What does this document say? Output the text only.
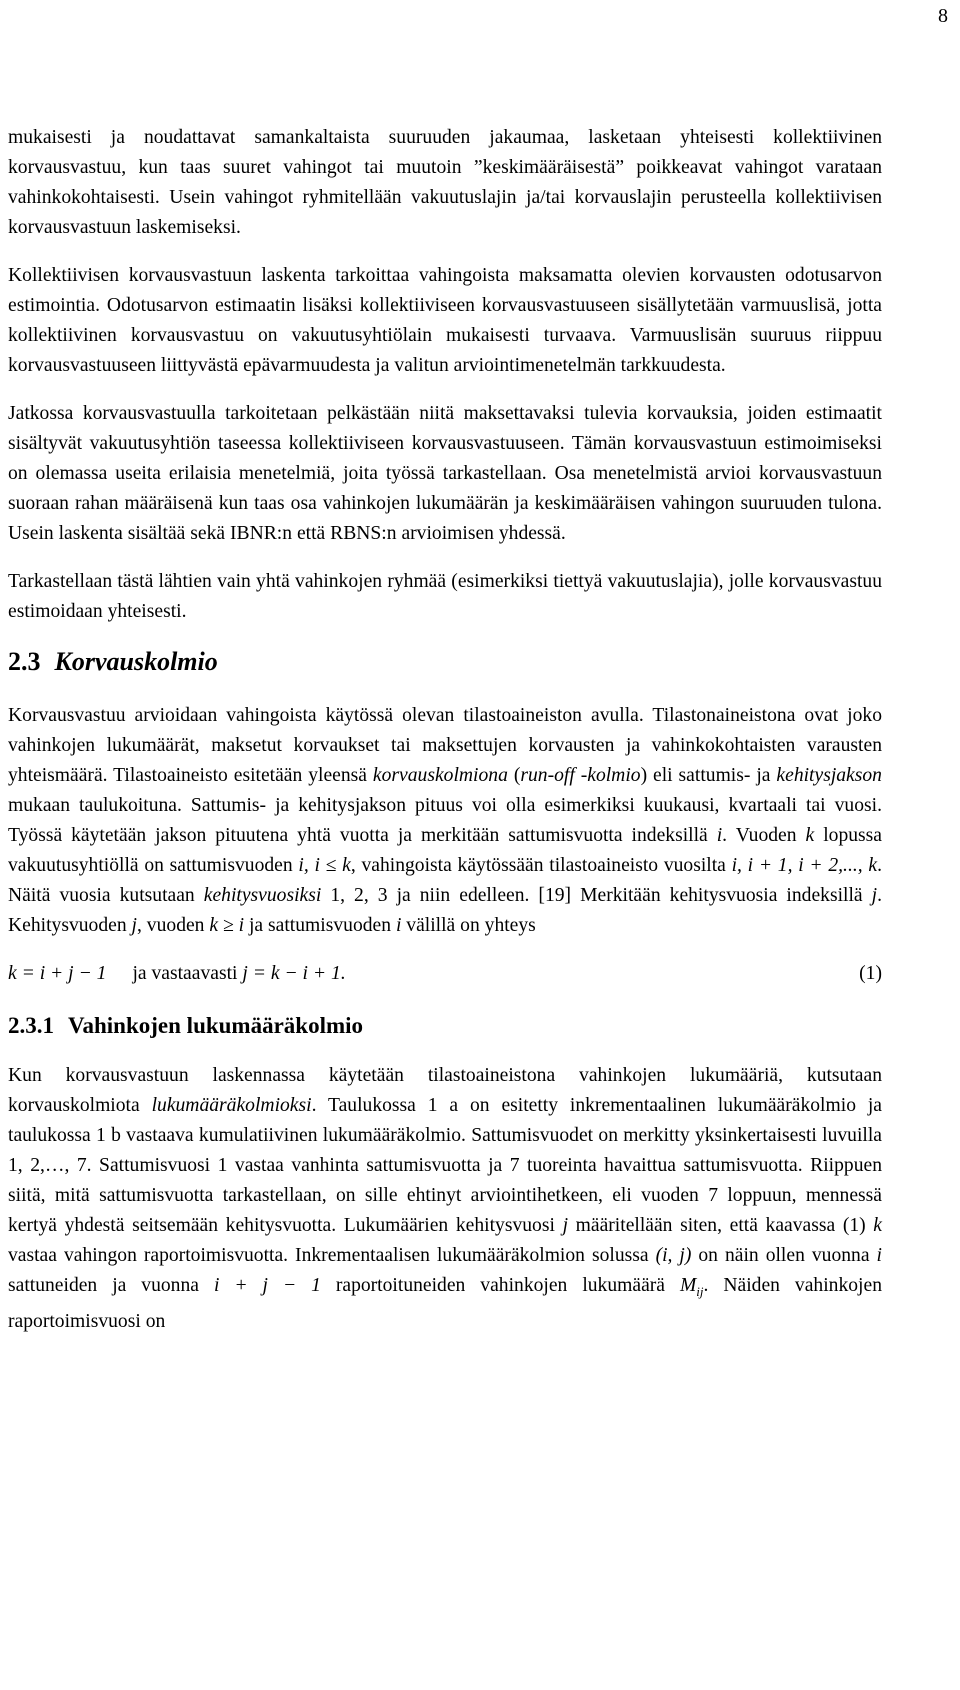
8

mukaisesti ja noudattavat samankaltaista suuruuden jakaumaa, lasketaan yhteisesti kollektiivinen korvausvastuu, kun taas suuret vahingot tai muutoin ”keskimääräisestä” poikkeavat vahingot varataan vahinkokohtaisesti. Usein vahingot ryhmitellään vakuutuslajin ja/tai korvauslajin perusteella kollektiivisen korvausvastuun laskemiseksi.

Kollektiivisen korvausvastuun laskenta tarkoittaa vahingoista maksamatta olevien korvausten odotusarvon estimointia. Odotusarvon estimaatin lisäksi kollektiiviseen korvausvastuuseen sisällytetään varmuuslisä, jotta kollektiivinen korvausvastuu on vakuutusyhtiölain mukaisesti turvaava. Varmuuslisän suuruus riippuu korvausvastuuseen liittyvästä epävarmuudesta ja valitun arviointimenetelmän tarkkuudesta.

Jatkossa korvausvastuulla tarkoitetaan pelkästään niitä maksettavaksi tulevia korvauksia, joiden estimaatit sisältyvät vakuutusyhtiön taseessa kollektiiviseen korvausvastuuseen. Tämän korvausvastuun estimoimiseksi on olemassa useita erilaisia menetelmiä, joita työssä tarkastellaan. Osa menetelmistä arvioi korvausvastuun suoraan rahan määräisenä kun taas osa vahinkojen lukumäärän ja keskimääräisen vahingon suuruuden tulona. Usein laskenta sisältää sekä IBNR:n että RBNS:n arvioimisen yhdessä.

Tarkastellaan tästä lähtien vain yhtä vahinkojen ryhmää (esimerkiksi tiettyä vakuutuslajia), jolle korvausvastuu estimoidaan yhteisesti.

2.3 Korvauskolmio

Korvausvastuu arvioidaan vahingoista käytössä olevan tilastoaineiston avulla. Tilastonaineistona ovat joko vahinkojen lukumäärät, maksetut korvaukset tai maksettujen korvausten ja vahinkokohtaisten varausten yhteismäärä. Tilastoaineisto esitetään yleensä korvauskolmiona (run-off -kolmio) eli sattumis- ja kehitysjakson mukaan taulukoituna. Sattumis- ja kehitysjakson pituus voi olla esimerkiksi kuukausi, kvartaali tai vuosi. Työssä käytetään jakson pituutena yhtä vuotta ja merkitään sattumisvuotta indeksillä i. Vuoden k lopussa vakuutusyhtiöllä on sattumisvuoden i, i ≤ k, vahingoista käytössään tilastoaineisto vuosilta i, i + 1, i + 2,..., k. Näitä vuosia kutsutaan kehitysvuosiksi 1, 2, 3 ja niin edelleen. [19] Merkitään kehitysvuosia indeksillä j. Kehitysvuoden j, vuoden k ≥ i ja sattumisvuoden i välillä on yhteys

k = i + j − 1 ja vastaavasti j = k − i + 1.	(1)
2.3.1 Vahinkojen lukumääräkolmio

Kun korvausvastuun laskennassa käytetään tilastoaineistona vahinkojen lukumääriä, kutsutaan korvauskolmiota lukumääräkolmioksi. Taulukossa 1 a on esitetty inkrementaalinen lukumääräkolmio ja taulukossa 1 b vastaava kumulatiivinen lukumääräkolmio. Sattumisvuodet on merkitty yksinkertaisesti luvuilla 1, 2,…, 7. Sattumisvuosi 1 vastaa vanhinta sattumisvuotta ja 7 tuoreinta havaittua sattumisvuotta. Riippuen siitä, mitä sattumisvuotta tarkastellaan, on sille ehtinyt arviointihetkeen, eli vuoden 7 loppuun, mennessä kertyä yhdestä seitsemään kehitysvuotta. Lukumäärien kehitysvuosi j määritellään siten, että kaavassa (1) k vastaa vahingon raportoimisvuotta. Inkrementaalisen lukumääräkolmion solussa (i, j) on näin ollen vuonna i sattuneiden ja vuonna i + j − 1 raportoituneiden vahinkojen lukumäärä $M_{ij}$. Näiden vahinkojen raportoimisvuosi on
